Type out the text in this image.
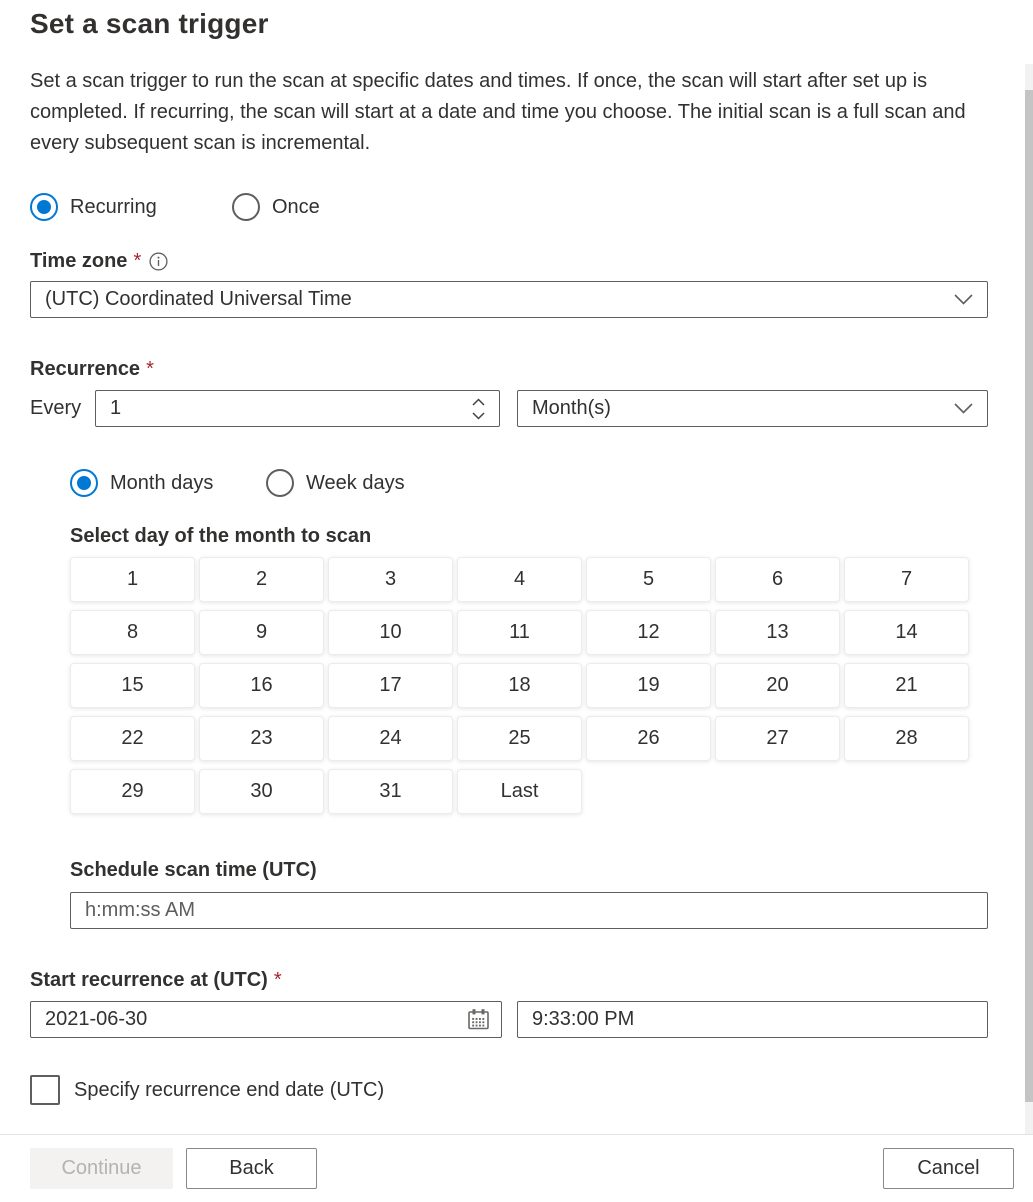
Set a scan trigger
Set a scan trigger to run the scan at specific dates and times. If once, the scan will start after set up is completed. If recurring, the scan will start at a date and time you choose. The initial scan is a full scan and every subsequent scan is incremental.
Recurring	Once
Time zone *
(UTC) Coordinated Universal Time
Recurrence *
Every
1	Month(s)
Month days	Week days
Select day of the month to scan
1	2	3	4	5	6	7
8	9	10	11	12	13	14
15	16	17	18	19	20	21
22	23	24	25	26	27	28
29	30	31	Last
Schedule scan time (UTC)
h:mm:ss AM
Start recurrence at (UTC) *
2021-06-30
9:33:00 PM
Specify recurrence end date (UTC)
Continue	Back	Cancel
